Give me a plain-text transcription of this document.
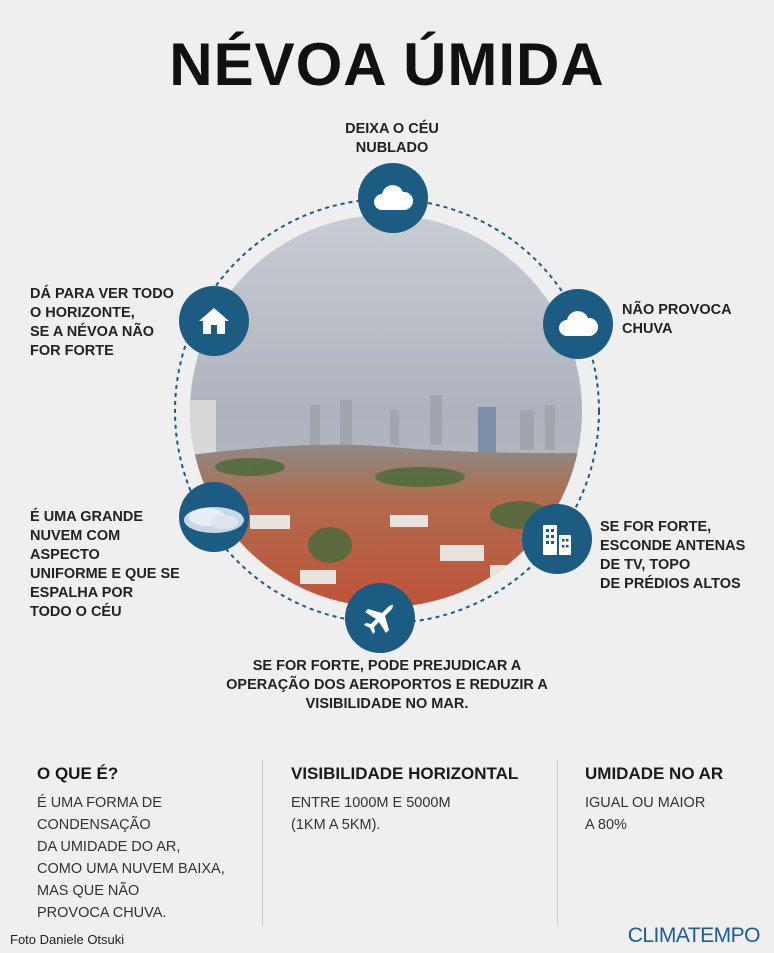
NÉVOA ÚMIDA
DEIXA O CÉU
NUBLADO
DÁ PARA VER TODO
O HORIZONTE,
SE A NÉVOA NÃO
FOR FORTE
NÃO PROVOCA
CHUVA
É UMA GRANDE
NUVEM COM
ASPECTO
UNIFORME E QUE SE
ESPALHA POR
TODO O CÉU
SE FOR FORTE,
ESCONDE ANTENAS
DE TV, TOPO
DE PRÉDIOS ALTOS
SE FOR FORTE, PODE PREJUDICAR A
OPERAÇÃO DOS AEROPORTOS E REDUZIR A
VISIBILIDADE NO MAR.
O QUE É?
É UMA FORMA DE
CONDENSAÇÃO
DA UMIDADE DO AR,
COMO UMA NUVEM BAIXA,
MAS QUE NÃO
PROVOCA CHUVA.
VISIBILIDADE HORIZONTAL
ENTRE 1000M E 5000M
(1KM A 5KM).
UMIDADE NO AR
IGUAL OU MAIOR
A 80%
Foto Daniele Otsuki	CLIMATEMPO
